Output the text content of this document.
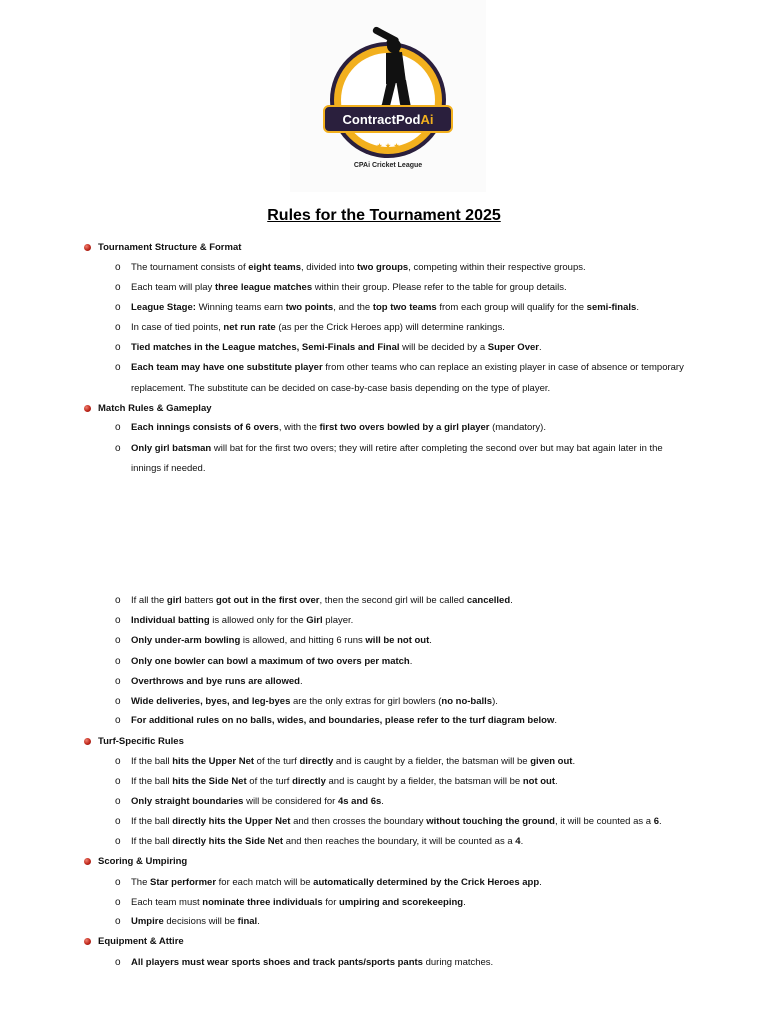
ContractPodAi
★ ★ ★
CPAi Cricket League
Rules for the Tournament 2025
Tournament Structure & Format
o The tournament consists of eight teams, divided into two groups, competing within their respective groups.
o Each team will play three league matches within their group. Please refer to the table for group details.
o League Stage: Winning teams earn two points, and the top two teams from each group will qualify for the semi-finals.
o In case of tied points, net run rate (as per the Crick Heroes app) will determine rankings.
o Tied matches in the League matches, Semi-Finals and Final will be decided by a Super Over.
o Each team may have one substitute player from other teams who can replace an existing player in case of absence or temporary
replacement. The substitute can be decided on case-by-case basis depending on the type of player.
Match Rules & Gameplay
o Each innings consists of 6 overs, with the first two overs bowled by a girl player (mandatory).
o Only girl batsman will bat for the first two overs; they will retire after completing the second over but may bat again later in the
innings if needed.
o If all the girl batters got out in the first over, then the second girl will be called cancelled.
o Individual batting is allowed only for the Girl player.
o Only under-arm bowling is allowed, and hitting 6 runs will be not out.
o Only one bowler can bowl a maximum of two overs per match.
o Overthrows and bye runs are allowed.
o Wide deliveries, byes, and leg-byes are the only extras for girl bowlers (no no-balls).
o For additional rules on no balls, wides, and boundaries, please refer to the turf diagram below.
Turf-Specific Rules
o If the ball hits the Upper Net of the turf directly and is caught by a fielder, the batsman will be given out.
o If the ball hits the Side Net of the turf directly and is caught by a fielder, the batsman will be not out.
o Only straight boundaries will be considered for 4s and 6s.
o If the ball directly hits the Upper Net and then crosses the boundary without touching the ground, it will be counted as a 6.
o If the ball directly hits the Side Net and then reaches the boundary, it will be counted as a 4.
Scoring & Umpiring
o The Star performer for each match will be automatically determined by the Crick Heroes app.
o Each team must nominate three individuals for umpiring and scorekeeping.
o Umpire decisions will be final.
Equipment & Attire
o All players must wear sports shoes and track pants/sports pants during matches.
